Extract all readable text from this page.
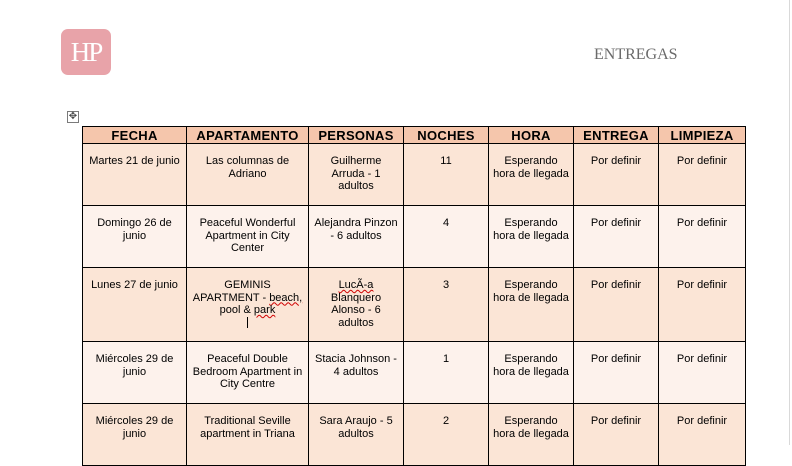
HP	ENTREGAS
✥
FECHA	APARTAMENTO	PERSONAS	NOCHES	HORA	ENTREGA	LIMPIEZA
Martes 21 de junio	Las columnas de Adriano	Guilherme Arruda - 1 adultos	11	Esperando hora de llegada	Por definir	Por definir
Domingo 26 de junio	Peaceful Wonderful Apartment in City Center	Alejandra Pinzon - 6 adultos	4	Esperando hora de llegada	Por definir	Por definir
Lunes 27 de junio	GEMINIS APARTMENT - beach, pool & park	LucÃ-a Blanquero Alonso - 6 adultos	3	Esperando hora de llegada	Por definir	Por definir
Miércoles 29 de junio	Peaceful Double Bedroom Apartment in City Centre	Stacia Johnson - 4 adultos	1	Esperando hora de llegada	Por definir	Por definir
Miércoles 29 de junio	Traditional Seville apartment in Triana	Sara Araujo - 5 adultos	2	Esperando hora de llegada	Por definir	Por definir
